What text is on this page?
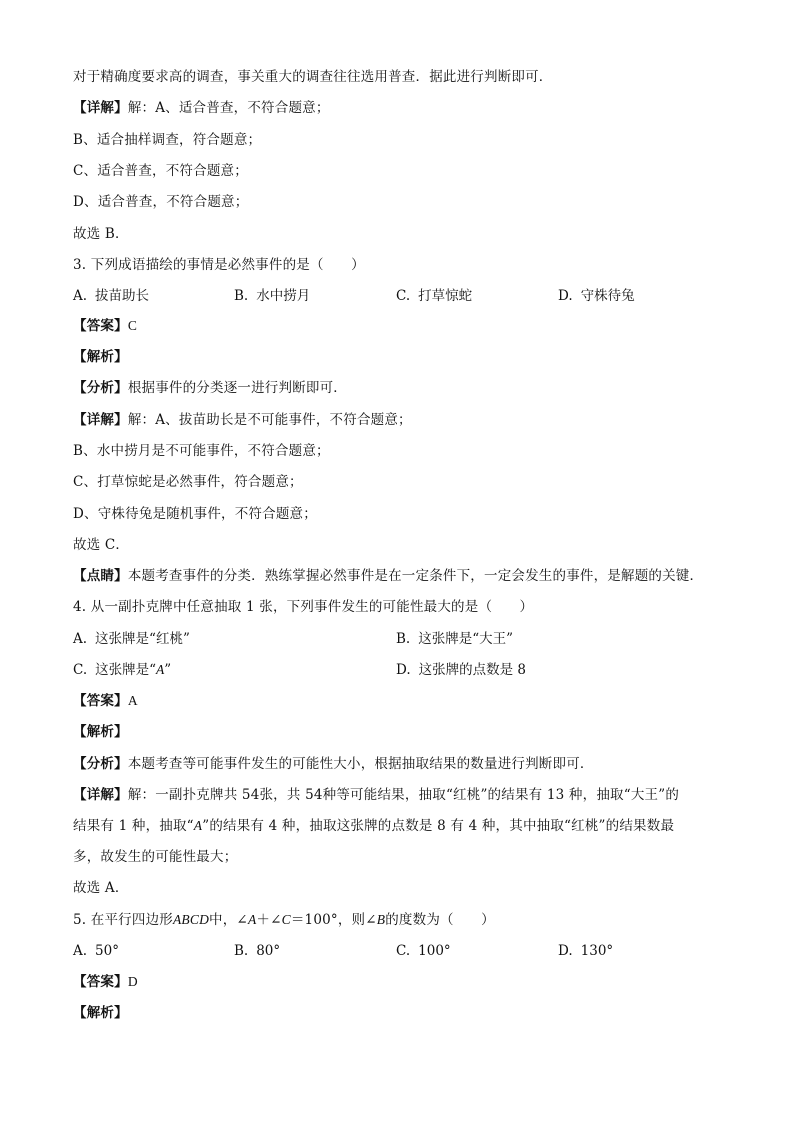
对于精确度要求高的调查，事关重大的调查往往选用普查．据此进行判断即可．
【详解】解：A、适合普查，不符合题意；
B、适合抽样调查，符合题意；
C、适合普查，不符合题意；
D、适合普查，不符合题意；
故选 B．
3. 下列成语描绘的事情是必然事件的是（　　）
A. 拔苗助长	B. 水中捞月	C. 打草惊蛇	D. 守株待兔
【答案】C
【解析】
【分析】根据事件的分类逐一进行判断即可．
【详解】解：A、拔苗助长是不可能事件，不符合题意；
B、水中捞月是不可能事件，不符合题意；
C、打草惊蛇是必然事件，符合题意；
D、守株待兔是随机事件，不符合题意；
故选 C．
【点睛】本题考查事件的分类．熟练掌握必然事件是在一定条件下，一定会发生的事件，是解题的关键．
4. 从一副扑克牌中任意抽取 1 张，下列事件发生的可能性最大的是（　　）
A. 这张牌是“红桃”	B. 这张牌是“大王”
C. 这张牌是“A”	D. 这张牌的点数是 8
【答案】A
【解析】
【分析】本题考查等可能事件发生的可能性大小，根据抽取结果的数量进行判断即可．
【详解】解：一副扑克牌共 54张，共 54种等可能结果，抽取“红桃”的结果有 13 种，抽取“大王”的
结果有 1 种，抽取“A”的结果有 4 种，抽取这张牌的点数是 8 有 4 种，其中抽取“红桃”的结果数最
多，故发生的可能性最大；
故选 A．
5. 在平行四边形ABCD中，∠A＋∠C＝100°，则∠B的度数为（　　）
A. 50°	B. 80°	C. 100°	D. 130°
【答案】D
【解析】
